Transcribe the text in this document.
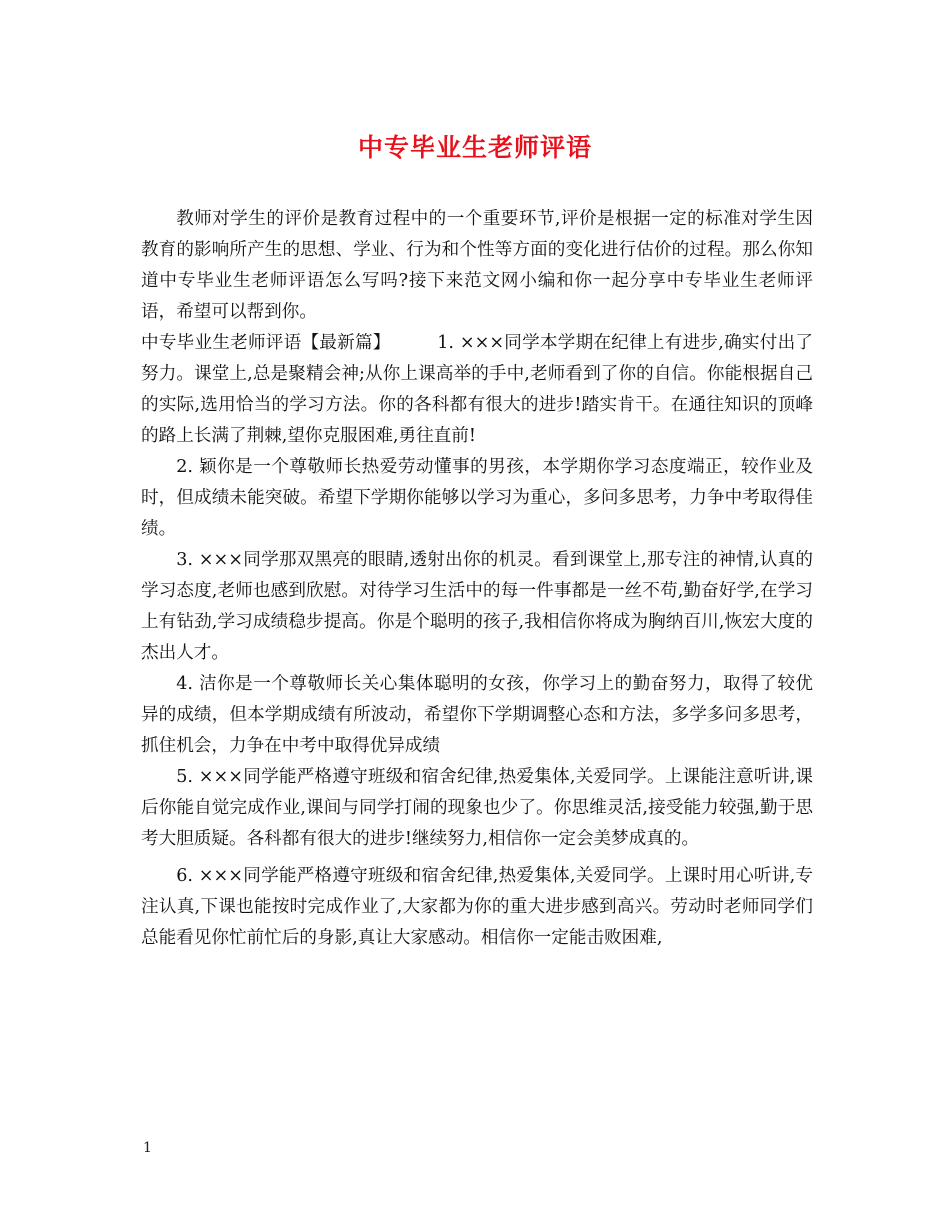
中专毕业生老师评语

教师对学生的评价是教育过程中的一个重要环节,评价是根据一定的标准对学生因教育的影响所产生的思想、学业、行为和个性等方面的变化进行估价的过程。那么你知道中专毕业生老师评语怎么写吗?接下来范文网小编和你一起分享中专毕业生老师评语，希望可以帮到你。

中专毕业生老师评语【最新篇】	1. ×××同学本学期在纪律上有进步,确实付出了努力。课堂上,总是聚精会神;从你上课高举的手中,老师看到了你的自信。你能根据自己的实际,选用恰当的学习方法。你的各科都有很大的进步!踏实肯干。在通往知识的顶峰的路上长满了荆棘,望你克服困难,勇往直前!

2. 颖你是一个尊敬师长热爱劳动懂事的男孩，本学期你学习态度端正，较作业及时，但成绩未能突破。希望下学期你能够以学习为重心，多问多思考，力争中考取得佳绩。

3. ×××同学那双黑亮的眼睛,透射出你的机灵。看到课堂上,那专注的神情,认真的学习态度,老师也感到欣慰。对待学习生活中的每一件事都是一丝不苟,勤奋好学,在学习上有钻劲,学习成绩稳步提高。你是个聪明的孩子,我相信你将成为胸纳百川,恢宏大度的杰出人才。

4. 洁你是一个尊敬师长关心集体聪明的女孩，你学习上的勤奋努力，取得了较优异的成绩，但本学期成绩有所波动，希望你下学期调整心态和方法，多学多问多思考，抓住机会，力争在中考中取得优异成绩

5. ×××同学能严格遵守班级和宿舍纪律,热爱集体,关爱同学。上课能注意听讲,课后你能自觉完成作业,课间与同学打闹的现象也少了。你思维灵活,接受能力较强,勤于思考大胆质疑。各科都有很大的进步!继续努力,相信你一定会美梦成真的。

6. ×××同学能严格遵守班级和宿舍纪律,热爱集体,关爱同学。上课时用心听讲,专注认真,下课也能按时完成作业了,大家都为你的重大进步感到高兴。劳动时老师同学们总能看见你忙前忙后的身影,真让大家感动。相信你一定能击败困难,

1
